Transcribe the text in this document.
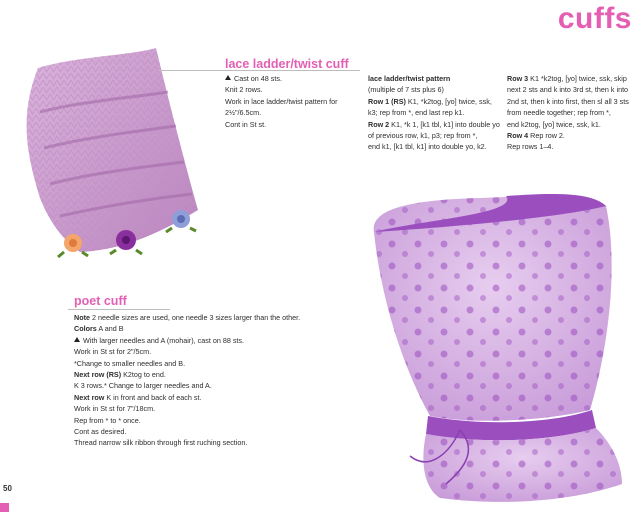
cuffs
lace ladder/twist cuff
Cast on 48 sts.
Knit 2 rows.
Work in lace ladder/twist pattern for
2½"/6.5cm.
Cont in St st.
lace ladder/twist pattern
(multiple of 7 sts plus 6)
Row 1 (RS) K1, *k2tog, [yo] twice, ssk,
k3; rep from *, end last rep k1.
Row 2 K1, *k 1, [k1 tbl, k1] into double yo
of previous row, k1, p3; rep from *,
end k1, [k1 tbl, k1] into double yo, k2.
Row 3 K1 *k2tog, [yo] twice, ssk, skip
next 2 sts and k into 3rd st, then k into
2nd st, then k into first, then sl all 3 sts
from needle together; rep from *,
end k2tog, [yo] twice, ssk, k1.
Row 4 Rep row 2.
Rep rows 1–4.
poet cuff
Note 2 needle sizes are used, one needle 3 sizes larger than the other.
Colors A and B
With larger needles and A (mohair), cast on 88 sts.
Work in St st for 2"/5cm.
*Change to smaller needles and B.
Next row (RS) K2tog to end.
K 3 rows.* Change to larger needles and A.
Next row K in front and back of each st.
Work in St st for 7"/18cm.
Rep from * to * once.
Cont as desired.
Thread narrow silk ribbon through first ruching section.
50
